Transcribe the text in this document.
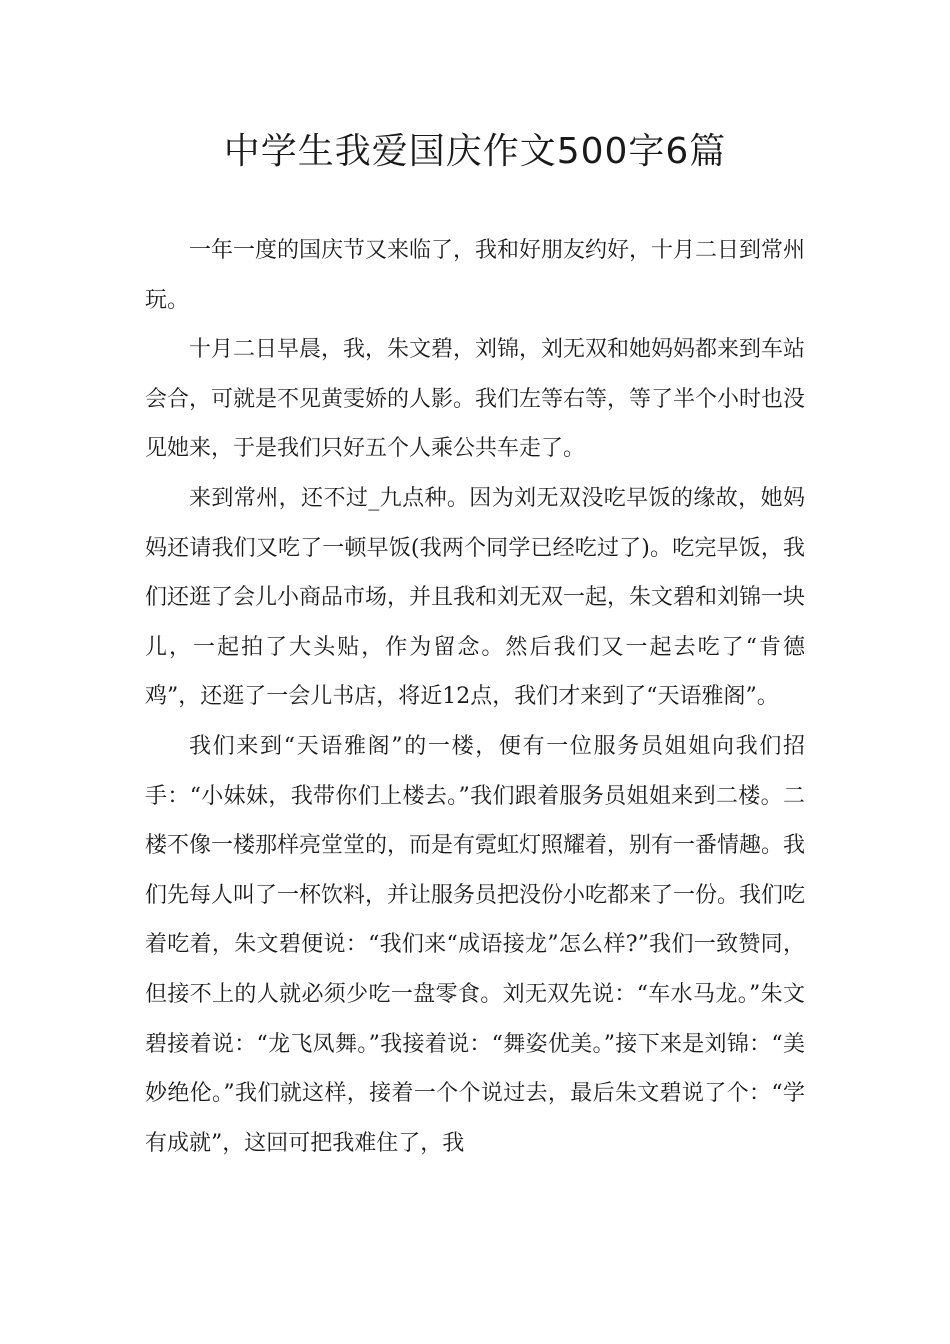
中学生我爱国庆作文500字6篇

一年一度的国庆节又来临了，我和好朋友约好，十月二日到常州玩。

十月二日早晨，我，朱文碧，刘锦，刘无双和她妈妈都来到车站会合，可就是不见黄雯娇的人影。我们左等右等，等了半个小时也没见她来，于是我们只好五个人乘公共车走了。

来到常州，还不过_九点种。因为刘无双没吃早饭的缘故，她妈妈还请我们又吃了一顿早饭(我两个同学已经吃过了)。吃完早饭，我们还逛了会儿小商品市场，并且我和刘无双一起，朱文碧和刘锦一块儿，一起拍了大头贴，作为留念。然后我们又一起去吃了“肯德鸡”，还逛了一会儿书店，将近12点，我们才来到了“天语雅阁”。

我们来到“天语雅阁”的一楼，便有一位服务员姐姐向我们招手：“小妹妹，我带你们上楼去。”我们跟着服务员姐姐来到二楼。二楼不像一楼那样亮堂堂的，而是有霓虹灯照耀着，别有一番情趣。我们先每人叫了一杯饮料，并让服务员把没份小吃都来了一份。我们吃着吃着，朱文碧便说：“我们来“成语接龙”怎么样?”我们一致赞同，但接不上的人就必须少吃一盘零食。刘无双先说：“车水马龙。”朱文碧接着说：“龙飞凤舞。”我接着说：“舞姿优美。”接下来是刘锦：“美妙绝伦。”我们就这样，接着一个个说过去，最后朱文碧说了个：“学有成就”，这回可把我难住了，我
